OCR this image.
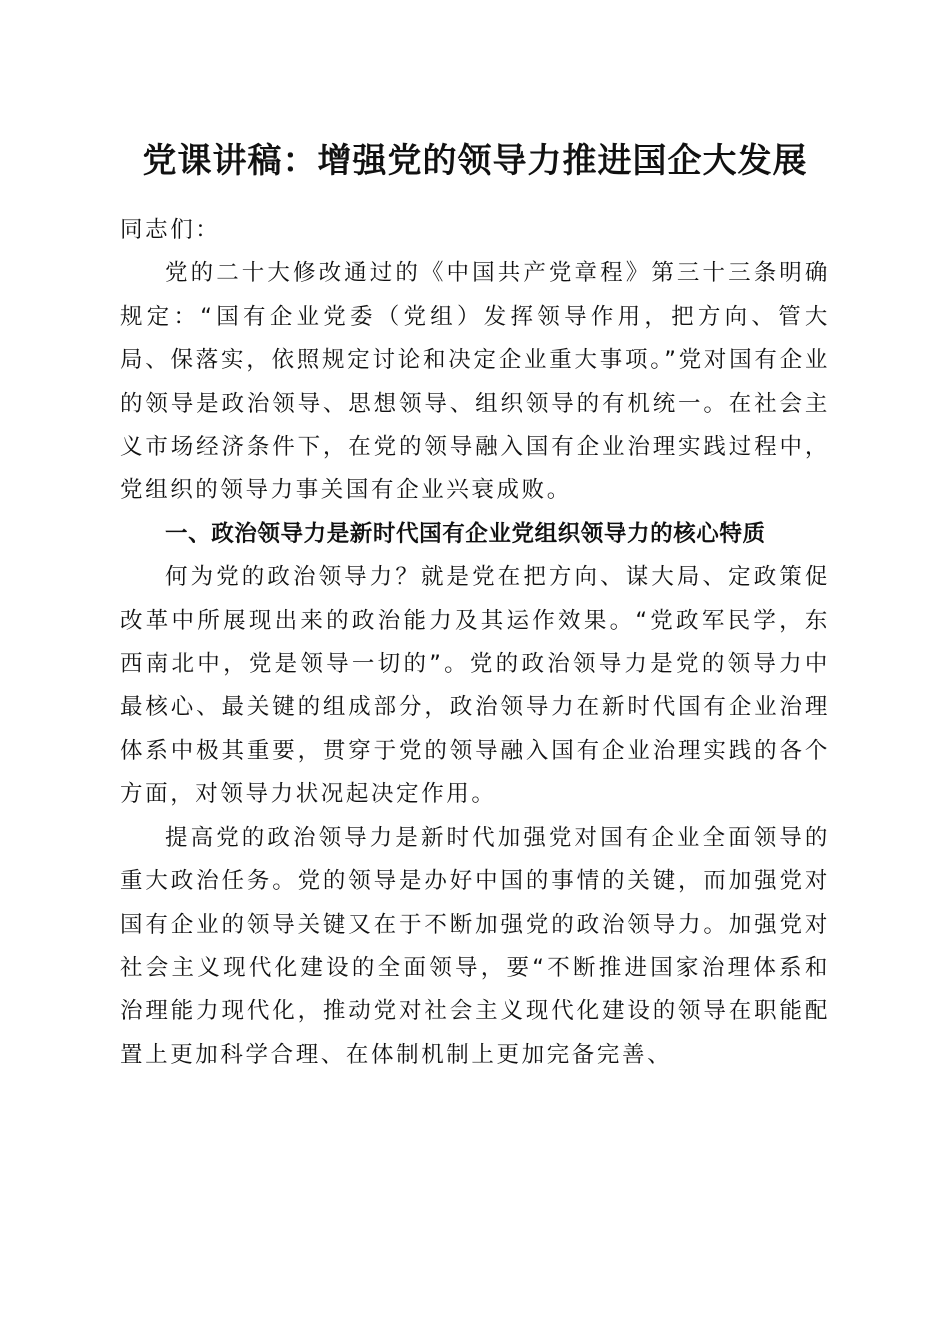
党课讲稿：增强党的领导力推进国企大发展

同志们：

党的二十大修改通过的《中国共产党章程》第三十三条明确规定：“国有企业党委（党组）发挥领导作用，把方向、管大局、保落实，依照规定讨论和决定企业重大事项。”党对国有企业的领导是政治领导、思想领导、组织领导的有机统一。在社会主义市场经济条件下，在党的领导融入国有企业治理实践过程中，党组织的领导力事关国有企业兴衰成败。

一、政治领导力是新时代国有企业党组织领导力的核心特质

何为党的政治领导力？就是党在把方向、谋大局、定政策促改革中所展现出来的政治能力及其运作效果。“党政军民学，东西南北中，党是领导一切的”。党的政治领导力是党的领导力中最核心、最关键的组成部分，政治领导力在新时代国有企业治理体系中极其重要，贯穿于党的领导融入国有企业治理实践的各个方面，对领导力状况起决定作用。

提高党的政治领导力是新时代加强党对国有企业全面领导的重大政治任务。党的领导是办好中国的事情的关键，而加强党对国有企业的领导关键又在于不断加强党的政治领导力。加强党对社会主义现代化建设的全面领导，要“不断推进国家治理体系和治理能力现代化，推动党对社会主义现代化建设的领导在职能配置上更加科学合理、在体制机制上更加完备完善、
